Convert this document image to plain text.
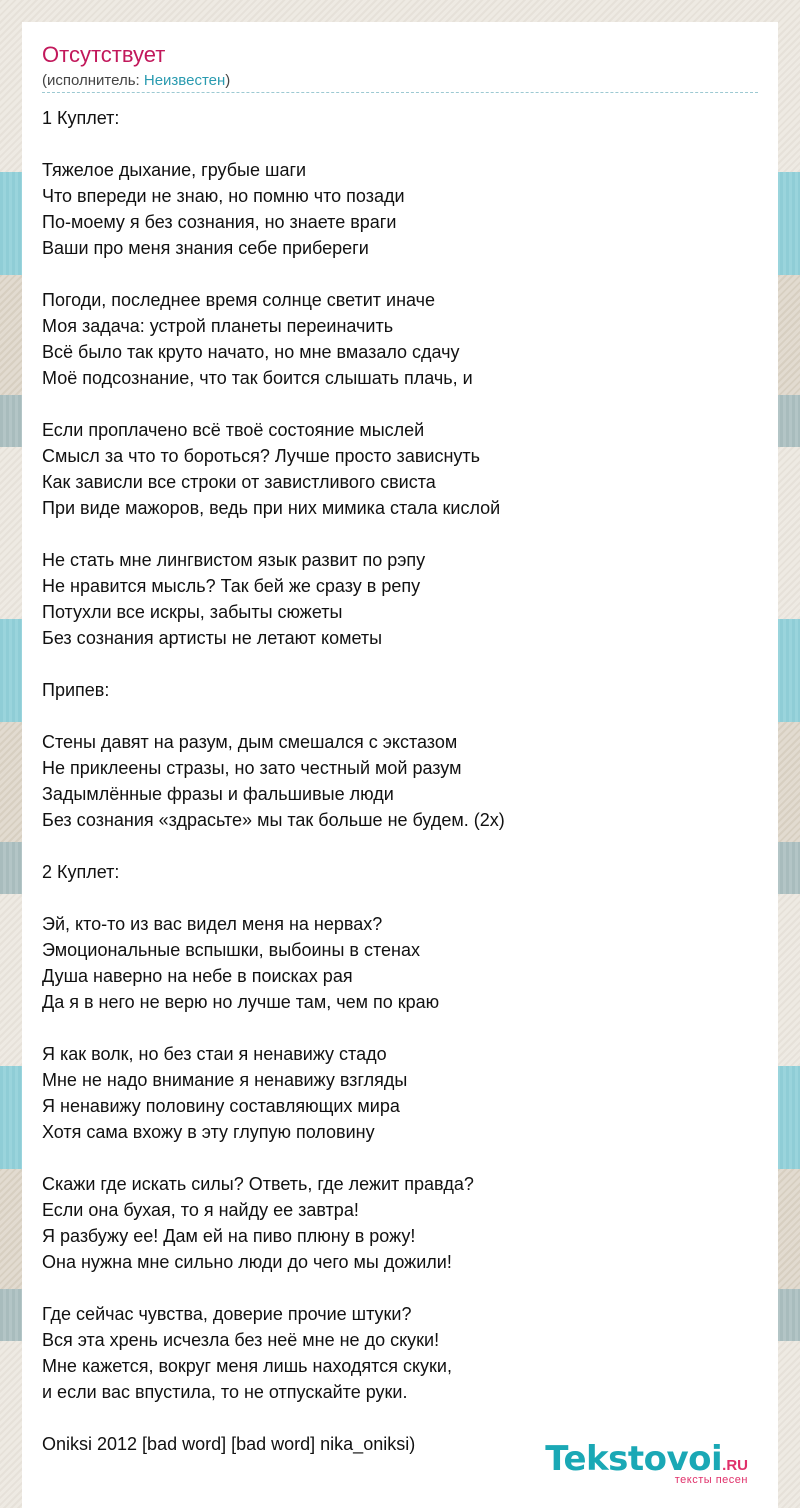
Отсутствует
(исполнитель: Неизвестен)
1 Куплет:
Тяжелое дыхание, грубые шаги
Что впереди не знаю, но помню что позади
По-моему я без сознания, но знаете враги
Ваши про меня знания себе прибереги
Погоди, последнее время солнце светит иначе
Моя задача: устрой планеты переиначить
Всё было так круто начато, но мне вмазало сдачу
Моё подсознание, что так боится слышать плачь, и
Если проплачено всё твоё состояние мыслей
Смысл за что то бороться? Лучше просто зависнуть
Как зависли все строки от завистливого свиста
При виде мажоров, ведь при них мимика стала кислой
Не стать мне лингвистом язык развит по рэпу
Не нравится мысль? Так бей же сразу в репу
Потухли все искры, забыты сюжеты
Без сознания артисты не летают кометы
Припев:
Стены давят на разум, дым смешался с экстазом
Не приклеены стразы, но зато честный мой разум
Задымлённые фразы и фальшивые люди
Без сознания «здрасьте» мы так больше не будем. (2х)
2 Куплет:
Эй, кто-то из вас видел меня на нервах?
Эмоциональные вспышки, выбоины в стенах
Душа наверно на небе в поисках рая
Да я в него не верю но лучше там, чем по краю
Я как волк, но без стаи я ненавижу стадо
Мне не надо внимание я ненавижу взгляды
Я ненавижу половину составляющих мира
Хотя сама вхожу в эту глупую половину
Скажи где искать силы? Ответь, где лежит правда?
Если она бухая, то я найду ее завтра!
Я разбужу ее! Дам ей на пиво плюну в рожу!
Она нужна мне сильно люди до чего мы дожили!
Где сейчас чувства, доверие прочие штуки?
Вся эта хрень исчезла без неё мне не до скуки!
Мне кажется, вокруг меня лишь находятся скуки,
и если вас впустила, то не отпускайте руки.
Oniksi 2012 [bad word] [bad word] nika_oniksi)	Tekstovoi.RU
тексты песен
